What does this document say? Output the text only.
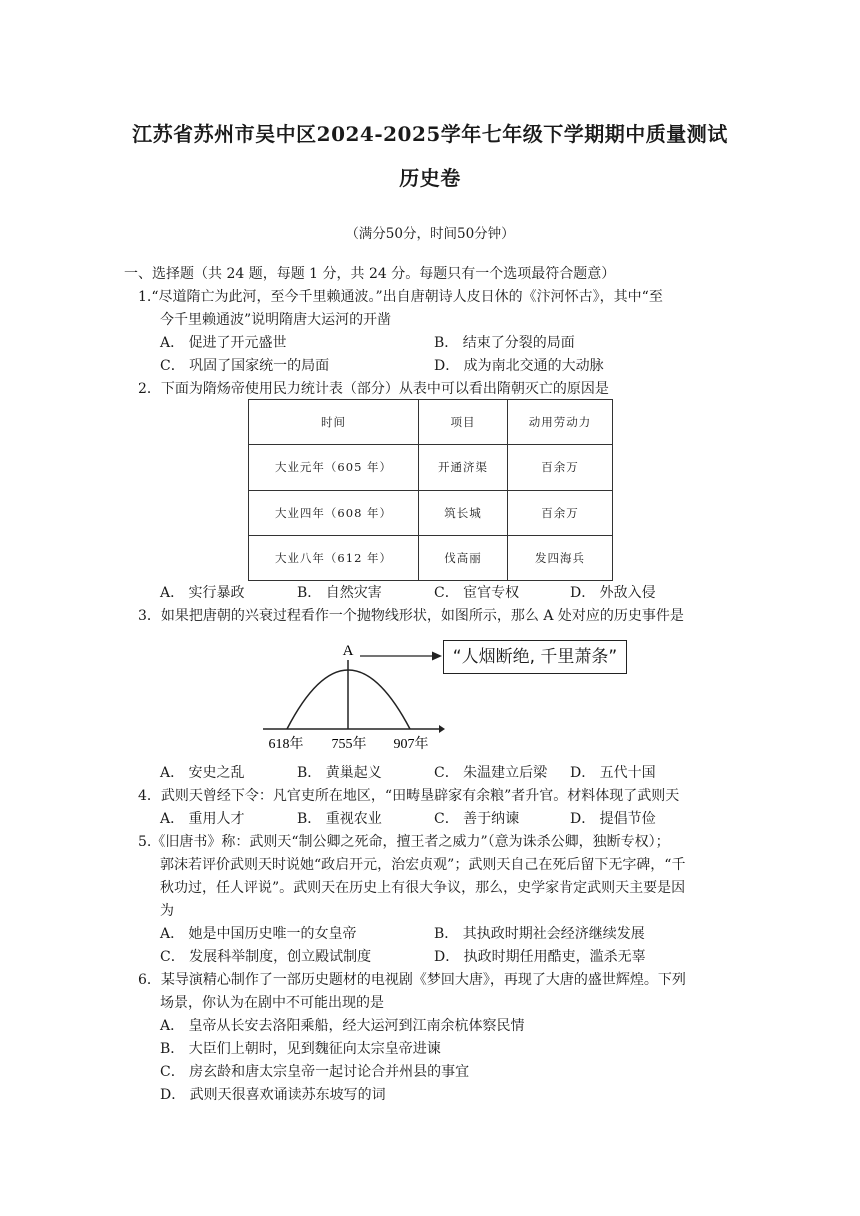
江苏省苏州市吴中区2024-2025学年七年级下学期期中质量测试
历史卷
（满分50分，时间50分钟）
一、选择题（共 24 题，每题 1 分，共 24 分。每题只有一个选项最符合题意）
1.“尽道隋亡为此河，至今千里赖通波。”出自唐朝诗人皮日休的《汴河怀古》，其中“至
今千里赖通波”说明隋唐大运河的开凿
A． 促进了开元盛世	B． 结束了分裂的局面
C． 巩固了国家统一的局面	D． 成为南北交通的大动脉
2．下面为隋炀帝使用民力统计表（部分）从表中可以看出隋朝灭亡的原因是
时间	项目	动用劳动力
大业元年（605 年）	开通济渠	百余万
大业四年（608 年）	筑长城	百余万
大业八年（612 年）	伐高丽	发四海兵
A． 实行暴政	B． 自然灾害	C． 宦官专权	D． 外敌入侵
3．如果把唐朝的兴衰过程看作一个抛物线形状，如图所示，那么 A 处对应的历史事件是
A
618年 755年 907年
“人烟断绝, 千里萧条”
A． 安史之乱	B． 黄巢起义	C． 朱温建立后梁 D． 五代十国
4．武则天曾经下令：凡官吏所在地区，“田畴垦辟家有余粮”者升官。材料体现了武则天
A． 重用人才	B． 重视农业	C． 善于纳谏	D． 提倡节俭
5.《旧唐书》称：武则天“制公卿之死命，擅王者之威力”（意为诛杀公卿，独断专权）；
郭沫若评价武则天时说她“政启开元，治宏贞观”；武则天自己在死后留下无字碑，“千
秋功过，任人评说”。武则天在历史上有很大争议，那么，史学家肯定武则天主要是因
为
A． 她是中国历史唯一的女皇帝	B． 其执政时期社会经济继续发展
C． 发展科举制度，创立殿试制度	D． 执政时期任用酷吏，滥杀无辜
6．某导演精心制作了一部历史题材的电视剧《梦回大唐》，再现了大唐的盛世辉煌。下列
场景，你认为在剧中不可能出现的是
A． 皇帝从长安去洛阳乘船，经大运河到江南余杭体察民情
B． 大臣们上朝时，见到魏征向太宗皇帝进谏
C． 房玄龄和唐太宗皇帝一起讨论合并州县的事宜
D． 武则天很喜欢诵读苏东坡写的词
